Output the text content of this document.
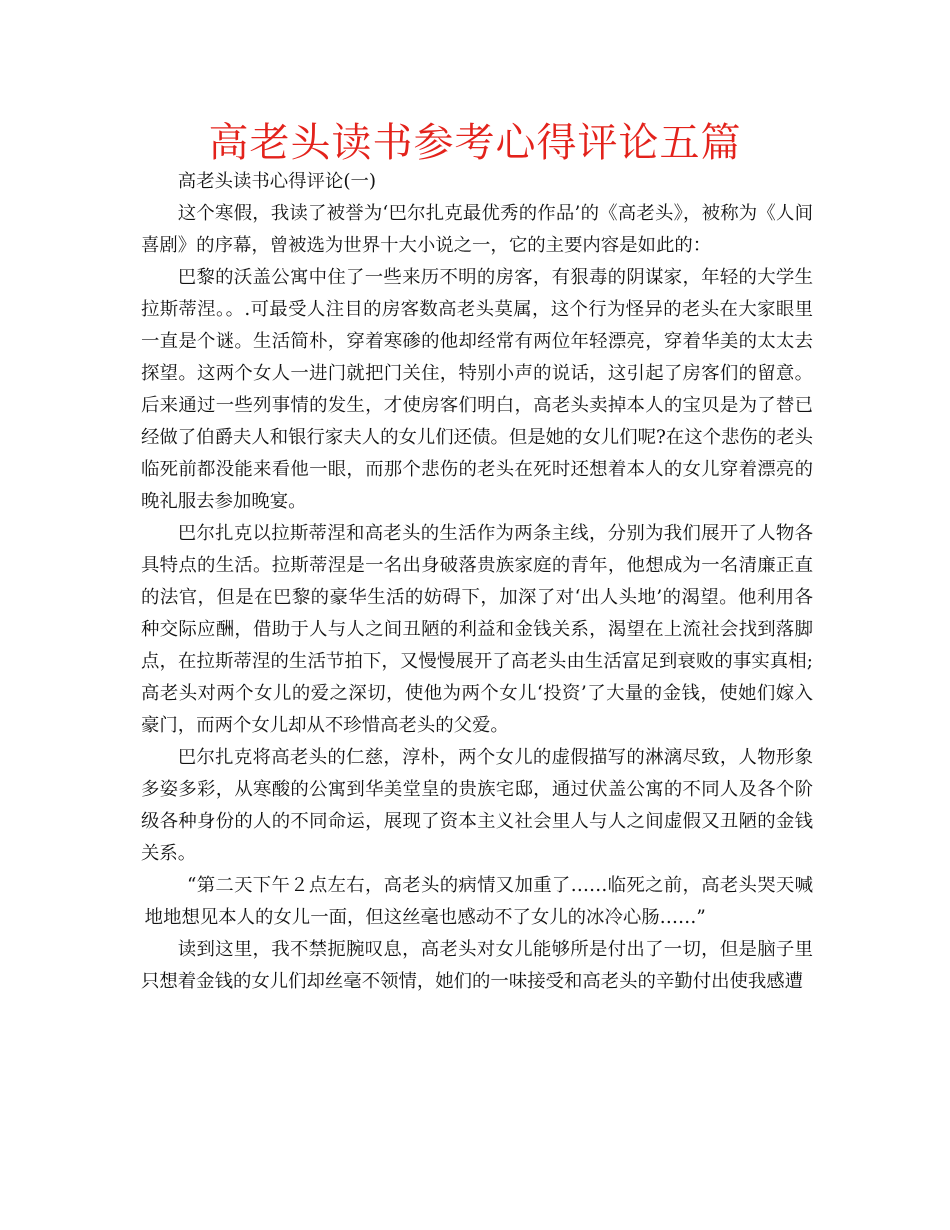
高老头读书参考心得评论五篇

高老头读书心得评论(一)

这个寒假，我读了被誉为‘巴尔扎克最优秀的作品’的《高老头》，被称为《人间喜剧》的序幕，曾被选为世界十大小说之一，它的主要内容是如此的：

巴黎的沃盖公寓中住了一些来历不明的房客，有狠毒的阴谋家，年轻的大学生拉斯蒂涅。。.可最受人注目的房客数高老头莫属，这个行为怪异的老头在大家眼里一直是个谜。生活简朴，穿着寒碜的他却经常有两位年轻漂亮，穿着华美的太太去探望。这两个女人一进门就把门关住，特别小声的说话，这引起了房客们的留意。后来通过一些列事情的发生，才使房客们明白，高老头卖掉本人的宝贝是为了替已经做了伯爵夫人和银行家夫人的女儿们还债。但是她的女儿们呢?在这个悲伤的老头临死前都没能来看他一眼，而那个悲伤的老头在死时还想着本人的女儿穿着漂亮的晚礼服去参加晚宴。

巴尔扎克以拉斯蒂涅和高老头的生活作为两条主线，分别为我们展开了人物各具特点的生活。拉斯蒂涅是一名出身破落贵族家庭的青年，他想成为一名清廉正直的法官，但是在巴黎的豪华生活的妨碍下，加深了对‘出人头地’的渴望。他利用各种交际应酬，借助于人与人之间丑陋的利益和金钱关系，渴望在上流社会找到落脚点，在拉斯蒂涅的生活节拍下，又慢慢展开了高老头由生活富足到衰败的事实真相;高老头对两个女儿的爱之深切，使他为两个女儿‘投资’了大量的金钱，使她们嫁入豪门，而两个女儿却从不珍惜高老头的父爱。

巴尔扎克将高老头的仁慈，淳朴，两个女儿的虚假描写的淋漓尽致，人物形象多姿多彩，从寒酸的公寓到华美堂皇的贵族宅邸，通过伏盖公寓的不同人及各个阶级各种身份的人的不同命运，展现了资本主义社会里人与人之间虚假又丑陋的金钱关系。

“第二天下午２点左右，高老头的病情又加重了……临死之前，高老头哭天喊地地想见本人的女儿一面，但这丝毫也感动不了女儿的冰冷心肠……”

读到这里，我不禁扼腕叹息，高老头对女儿能够所是付出了一切，但是脑子里只想着金钱的女儿们却丝毫不领情，她们的一味接受和高老头的辛勤付出使我感遭
